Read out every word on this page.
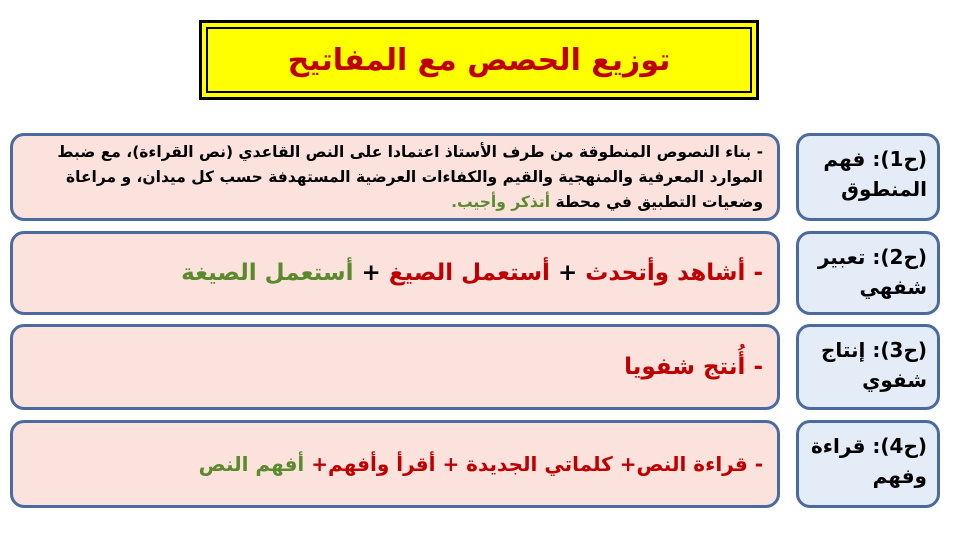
توزيع الحصص مع المفاتيح
- بناء النصوص المنطوقة من طرف الأستاذ اعتمادا على النص القاعدي (نص القراءة)، مع ضبط الموارد المعرفية والمنهجية والقيم والكفاءات العرضية المستهدفة حسب كل ميدان، و مراعاة وضعيات التطبيق في محطة أتذكر وأجيب.
(ح1): فهم المنطوق
- أشاهد وأتحدث + أستعمل الصيغ + أستعمل الصيغة
(ح2): تعبير شفهي
- أُنتج شفويا
(ح3): إنتاج شفوي
- قراءة النص+ كلماتي الجديدة + أقرأ وأفهم+ أفهم النص
(ح4): قراءة وفهم
